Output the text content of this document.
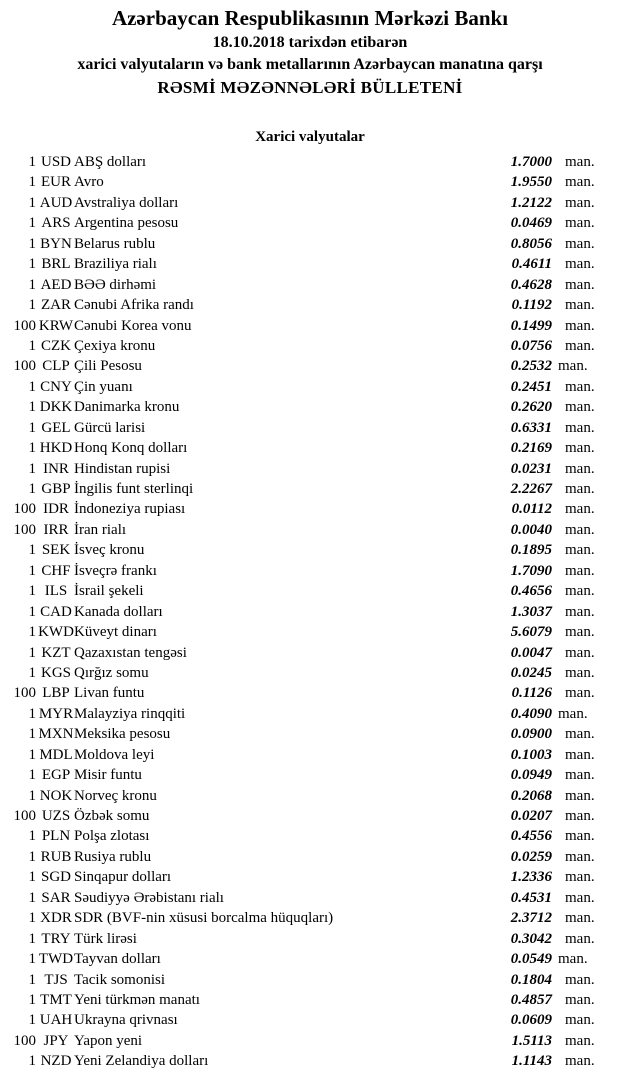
Azərbaycan Respublikasının Mərkəzi Bankı
18.10.2018 tarixdən etibarən
xarici valyutaların və bank metallarının Azərbaycan manatına qarşı
RƏSMİ MƏZƏNNƏLƏRİ BÜLLETENİ
Xarici valyutalar
1 USD ABŞ dolları	1.7000 man.
1 EUR Avro	1.9550 man.
1 AUD Avstraliya dolları	1.2122 man.
1 ARS Argentina pesosu	0.0469 man.
1 BYN Belarus rublu	0.8056 man.
1 BRL Braziliya rialı	0.4611 man.
1 AED BƏƏ dirhəmi	0.4628 man.
1 ZAR Cənubi Afrika randı	0.1192 man.
100 KRW Cənubi Korea vonu	0.1499 man.
1 CZK Çexiya kronu	0.0756 man.
100 CLP Çili Pesosu	0.2532 man.
1 CNY Çin yuanı	0.2451 man.
1 DKK Danimarka kronu	0.2620 man.
1 GEL Gürcü larisi	0.6331 man.
1 HKD Honq Konq dolları	0.2169 man.
1 INR Hindistan rupisi	0.0231 man.
1 GBP İngilis funt sterlinqi	2.2267 man.
100 IDR İndoneziya rupiası	0.0112 man.
100 IRR İran rialı	0.0040 man.
1 SEK İsveç kronu	0.1895 man.
1 CHF İsveçrə frankı	1.7090 man.
1 ILS İsrail şekeli	0.4656 man.
1 CAD Kanada dolları	1.3037 man.
1 KWD Küveyt dinarı	5.6079 man.
1 KZT Qazaxıstan tengəsi	0.0047 man.
1 KGS Qırğız somu	0.0245 man.
100 LBP Livan funtu	0.1126 man.
1 MYR Malayziya rinqqiti	0.4090 man.
1 MXN Meksika pesosu	0.0900 man.
1 MDL Moldova leyi	0.1003 man.
1 EGP Misir funtu	0.0949 man.
1 NOK Norveç kronu	0.2068 man.
100 UZS Özbək somu	0.0207 man.
1 PLN Polşa zlotası	0.4556 man.
1 RUB Rusiya rublu	0.0259 man.
1 SGD Sinqapur dolları	1.2336 man.
1 SAR Səudiyyə Ərəbistanı rialı	0.4531 man.
1 XDR SDR (BVF-nin xüsusi borcalma hüquqları)	2.3712 man.
1 TRY Türk lirəsi	0.3042 man.
1 TWD Tayvan dolları	0.0549 man.
1 TJS Tacik somonisi	0.1804 man.
1 TMT Yeni türkmən manatı	0.4857 man.
1 UAH Ukrayna qrivnası	0.0609 man.
100 JPY Yapon yeni	1.5113 man.
1 NZD Yeni Zelandiya dolları	1.1143 man.
